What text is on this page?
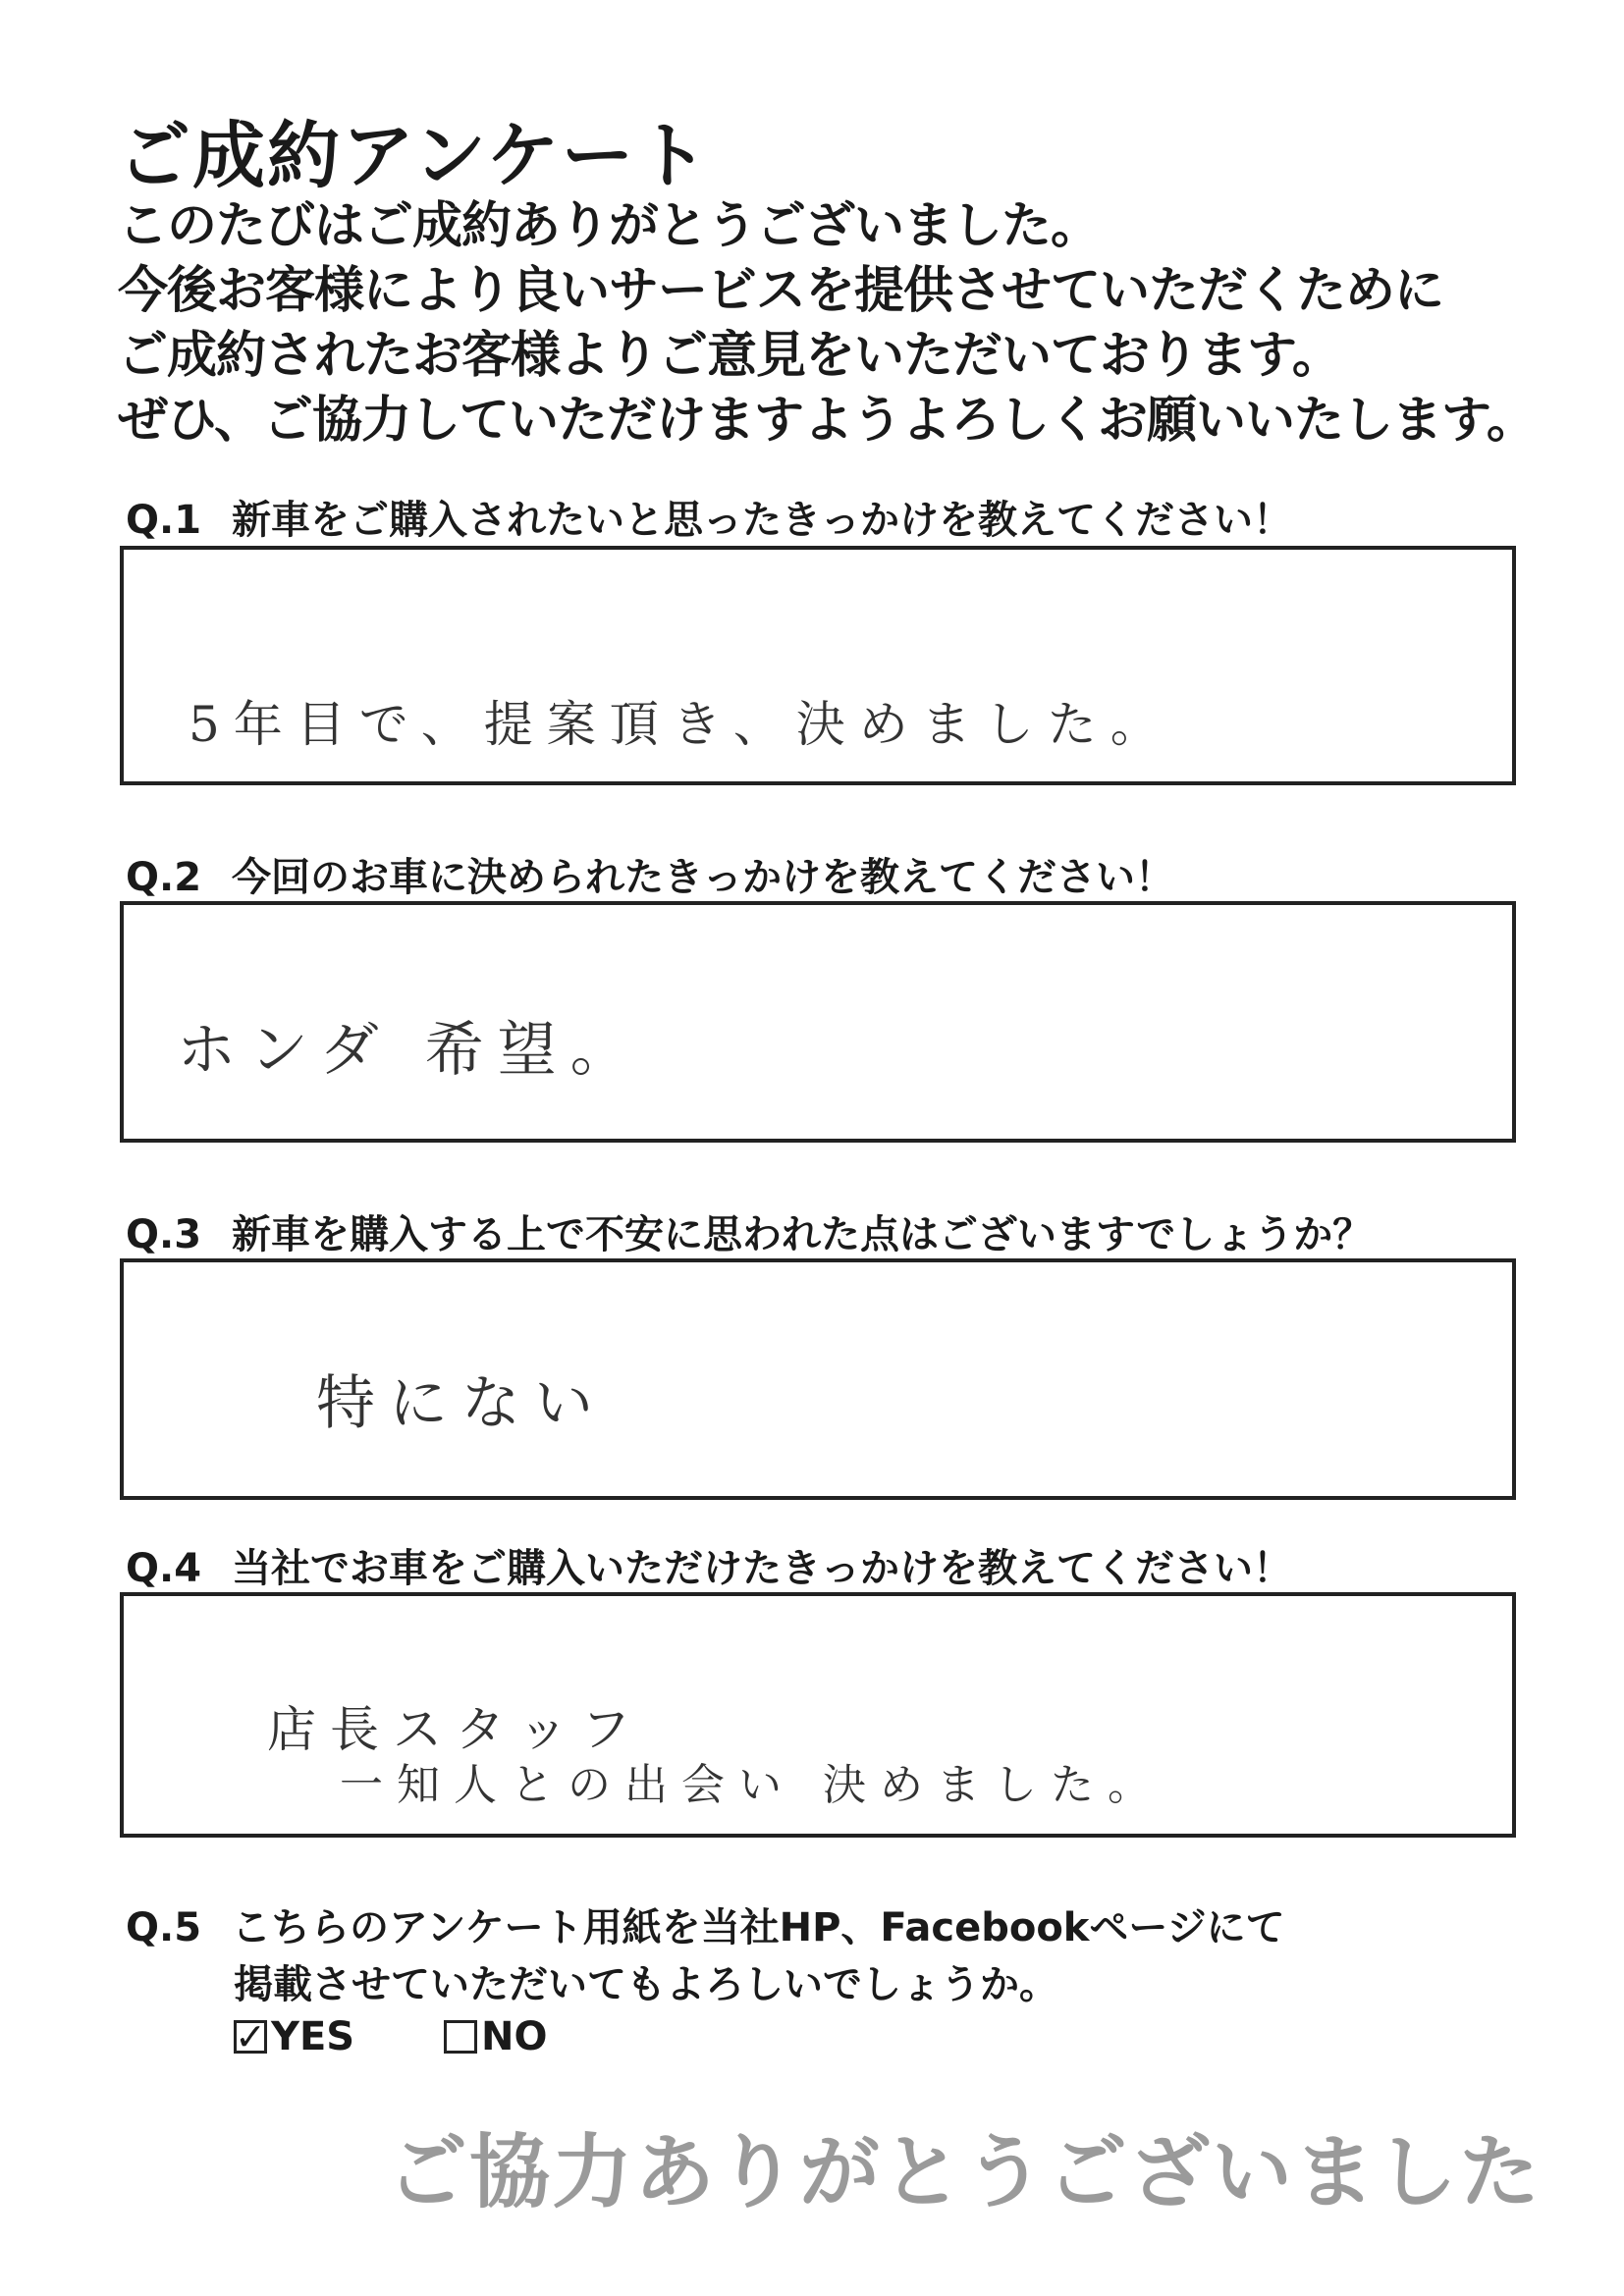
ご成約アンケート
このたびはご成約ありがとうございました。
今後お客様により良いサービスを提供させていただくために
ご成約されたお客様よりご意見をいただいております。
ぜひ、ご協力していただけますようよろしくお願いいたします。
Q.1 新車をご購入されたいと思ったきっかけを教えてください！
5年目で、提案頂き、決めました。
Q.2 今回のお車に決められたきっかけを教えてください！
ホンダ 希望。
Q.3 新車を購入する上で不安に思われた点はございますでしょうか？
特にない
Q.4 当社でお車をご購入いただけたきっかけを教えてください！
店長スタッフ
一知人との出会い 決めました。
Q.5 こちらのアンケート用紙を当社HP、Facebookページにて
掲載させていただいてもよろしいでしょうか。
✓ YES	NO
ご協力ありがとうございました
